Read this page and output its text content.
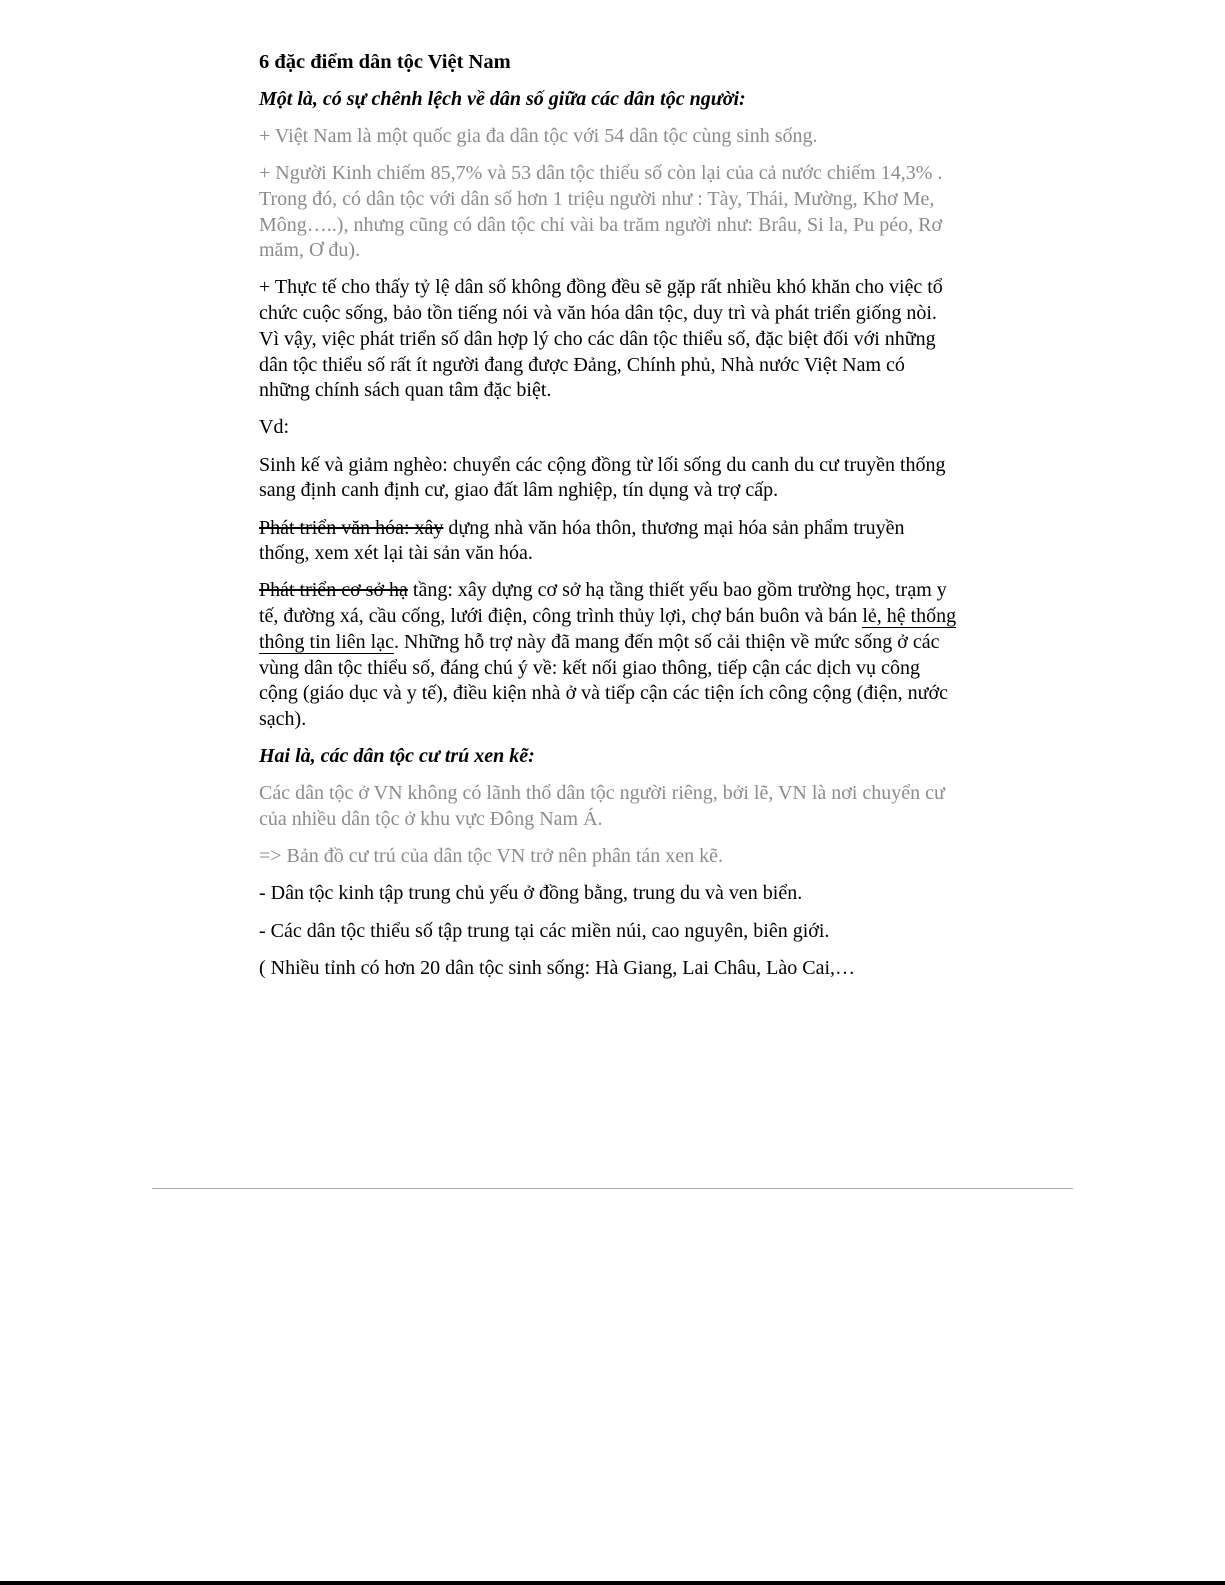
6 đặc điểm dân tộc Việt Nam

Một là, có sự chênh lệch về dân số giữa các dân tộc người:

+ Việt Nam là một quốc gia đa dân tộc với 54 dân tộc cùng sinh sống.

+ Người Kinh chiếm 85,7% và 53 dân tộc thiểu số còn lại của cả nước chiếm 14,3% . Trong đó, có dân tộc với dân số hơn 1 triệu người như : Tày, Thái, Mường, Khơ Me, Mông…..), nhưng cũng có dân tộc chỉ vài ba trăm người như: Brâu, Si la, Pu péo, Rơ măm, Ơ đu).

+ Thực tế cho thấy tỷ lệ dân số không đồng đều sẽ gặp rất nhiều khó khăn cho việc tổ chức cuộc sống, bảo tồn tiếng nói và văn hóa dân tộc, duy trì và phát triển giống nòi. Vì vậy, việc phát triển số dân hợp lý cho các dân tộc thiểu số, đặc biệt đối với những dân tộc thiểu số rất ít người đang được Đảng, Chính phủ, Nhà nước Việt Nam có những chính sách quan tâm đặc biệt.

Vd:

Sinh kế và giảm nghèo: chuyển các cộng đồng từ lối sống du canh du cư truyền thống sang định canh định cư, giao đất lâm nghiệp, tín dụng và trợ cấp.

Phát triển văn hóa: xây dựng nhà văn hóa thôn, thương mại hóa sản phẩm truyền thống, xem xét lại tài sản văn hóa.

Phát triển cơ sở hạ tầng: xây dựng cơ sở hạ tầng thiết yếu bao gồm trường học, trạm y tế, đường xá, cầu cống, lưới điện, công trình thủy lợi, chợ bán buôn và bán lẻ, hệ thống thông tin liên lạc. Những hỗ trợ này đã mang đến một số cải thiện về mức sống ở các vùng dân tộc thiểu số, đáng chú ý về: kết nối giao thông, tiếp cận các dịch vụ công cộng (giáo dục và y tế), điều kiện nhà ở và tiếp cận các tiện ích công cộng (điện, nước sạch).

Hai là, các dân tộc cư trú xen kẽ:

Các dân tộc ở VN không có lãnh thổ dân tộc người riêng, bởi lẽ, VN là nơi chuyển cư của nhiều dân tộc ở khu vực Đông Nam Á.

=> Bản đồ cư trú của dân tộc VN trở nên phân tán xen kẽ.

- Dân tộc kinh tập trung chủ yếu ở đồng bằng, trung du và ven biển.

- Các dân tộc thiểu số tập trung tại các miền núi, cao nguyên, biên giới.

( Nhiều tỉnh có hơn 20 dân tộc sinh sống: Hà Giang, Lai Châu, Lào Cai,…
